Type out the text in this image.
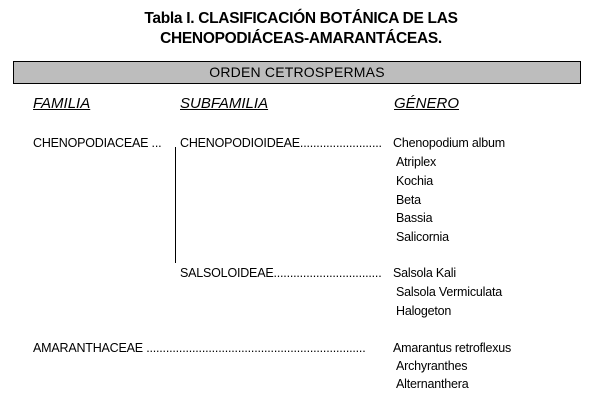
Tabla I. CLASIFICACIÓN BOTÁNICA DE LAS
CHENOPODIÁCEAS-AMARANTÁCEAS.
ORDEN CETROSPERMAS
FAMILIA	SUBFAMILIA	GÉNERO
CHENOPODIACEAE ... CHENOPODIOIDEAE......................... Chenopodium album
Atriplex
Kochia
Beta
Bassia
Salicornia
SALSOLOIDEAE................................. Salsola Kali
Salsola Vermiculata
Halogeton
AMARANTHACEAE ................................................................... Amarantus retroflexus
Archyranthes
Alternanthera
